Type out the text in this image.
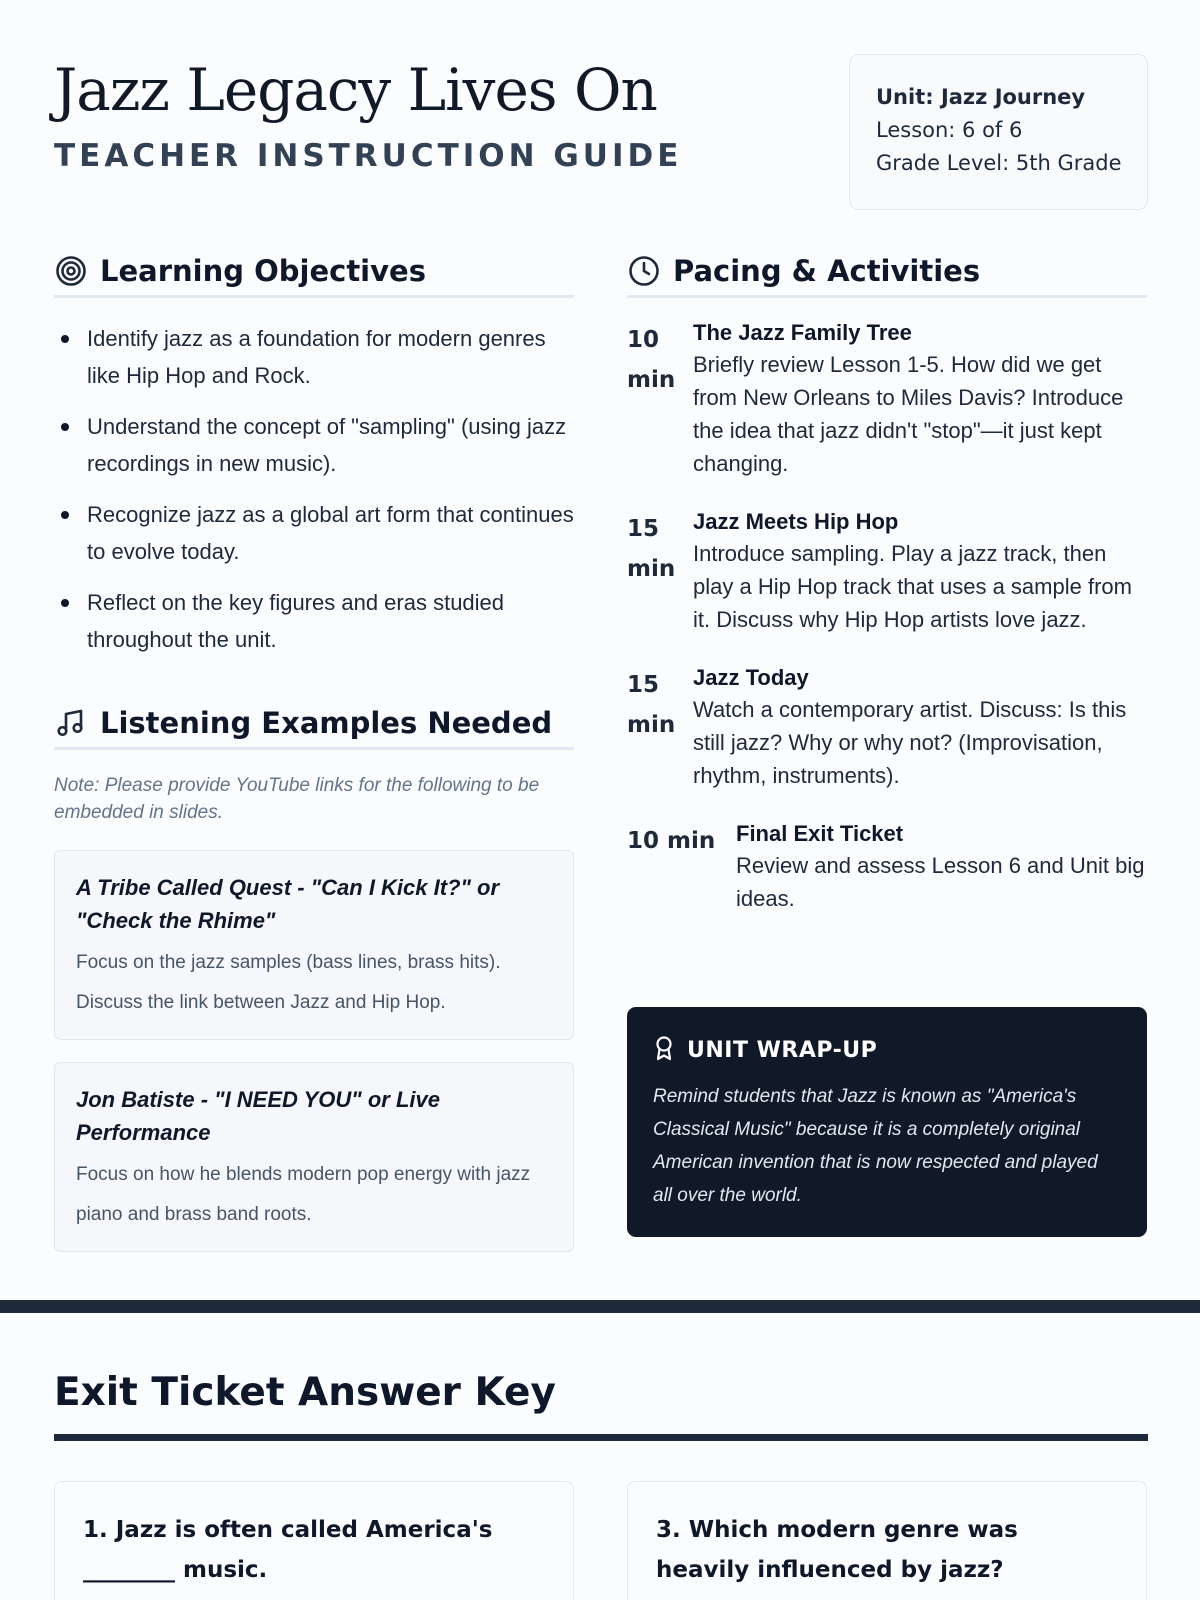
Jazz Legacy Lives On
TEACHER INSTRUCTION GUIDE
Unit: Jazz Journey
Lesson: 6 of 6
Grade Level: 5th Grade
Learning Objectives
Identify jazz as a foundation for modern genres like Hip Hop and Rock.
Understand the concept of "sampling" (using jazz recordings in new music).
Recognize jazz as a global art form that continues to evolve today.
Reflect on the key figures and eras studied throughout the unit.
Listening Examples Needed

Note: Please provide YouTube links for the following to be embedded in slides.

A Tribe Called Quest - "Can I Kick It?" or "Check the Rhime"
Focus on the jazz samples (bass lines, brass hits). Discuss the link between Jazz and Hip Hop.
Jon Batiste - "I NEED YOU" or Live Performance
Focus on how he blends modern pop energy with jazz piano and brass band roots.
Pacing & Activities
10 min
The Jazz Family Tree
Briefly review Lesson 1-5. How did we get from New Orleans to Miles Davis? Introduce the idea that jazz didn't "stop"—it just kept changing.
15 min
Jazz Meets Hip Hop
Introduce sampling. Play a jazz track, then play a Hip Hop track that uses a sample from it. Discuss why Hip Hop artists love jazz.
15 min
Jazz Today
Watch a contemporary artist. Discuss: Is this still jazz? Why or why not? (Improvisation, rhythm, instruments).
10 min Final Exit Ticket
Review and assess Lesson 6 and Unit big ideas.
UNIT WRAP-UP

Remind students that Jazz is known as "America's Classical Music" because it is a completely original American invention that is now respected and played all over the world.

Exit Ticket Answer Key
1. Jazz is often called America's ________ music.
3. Which modern genre was heavily influenced by jazz?
